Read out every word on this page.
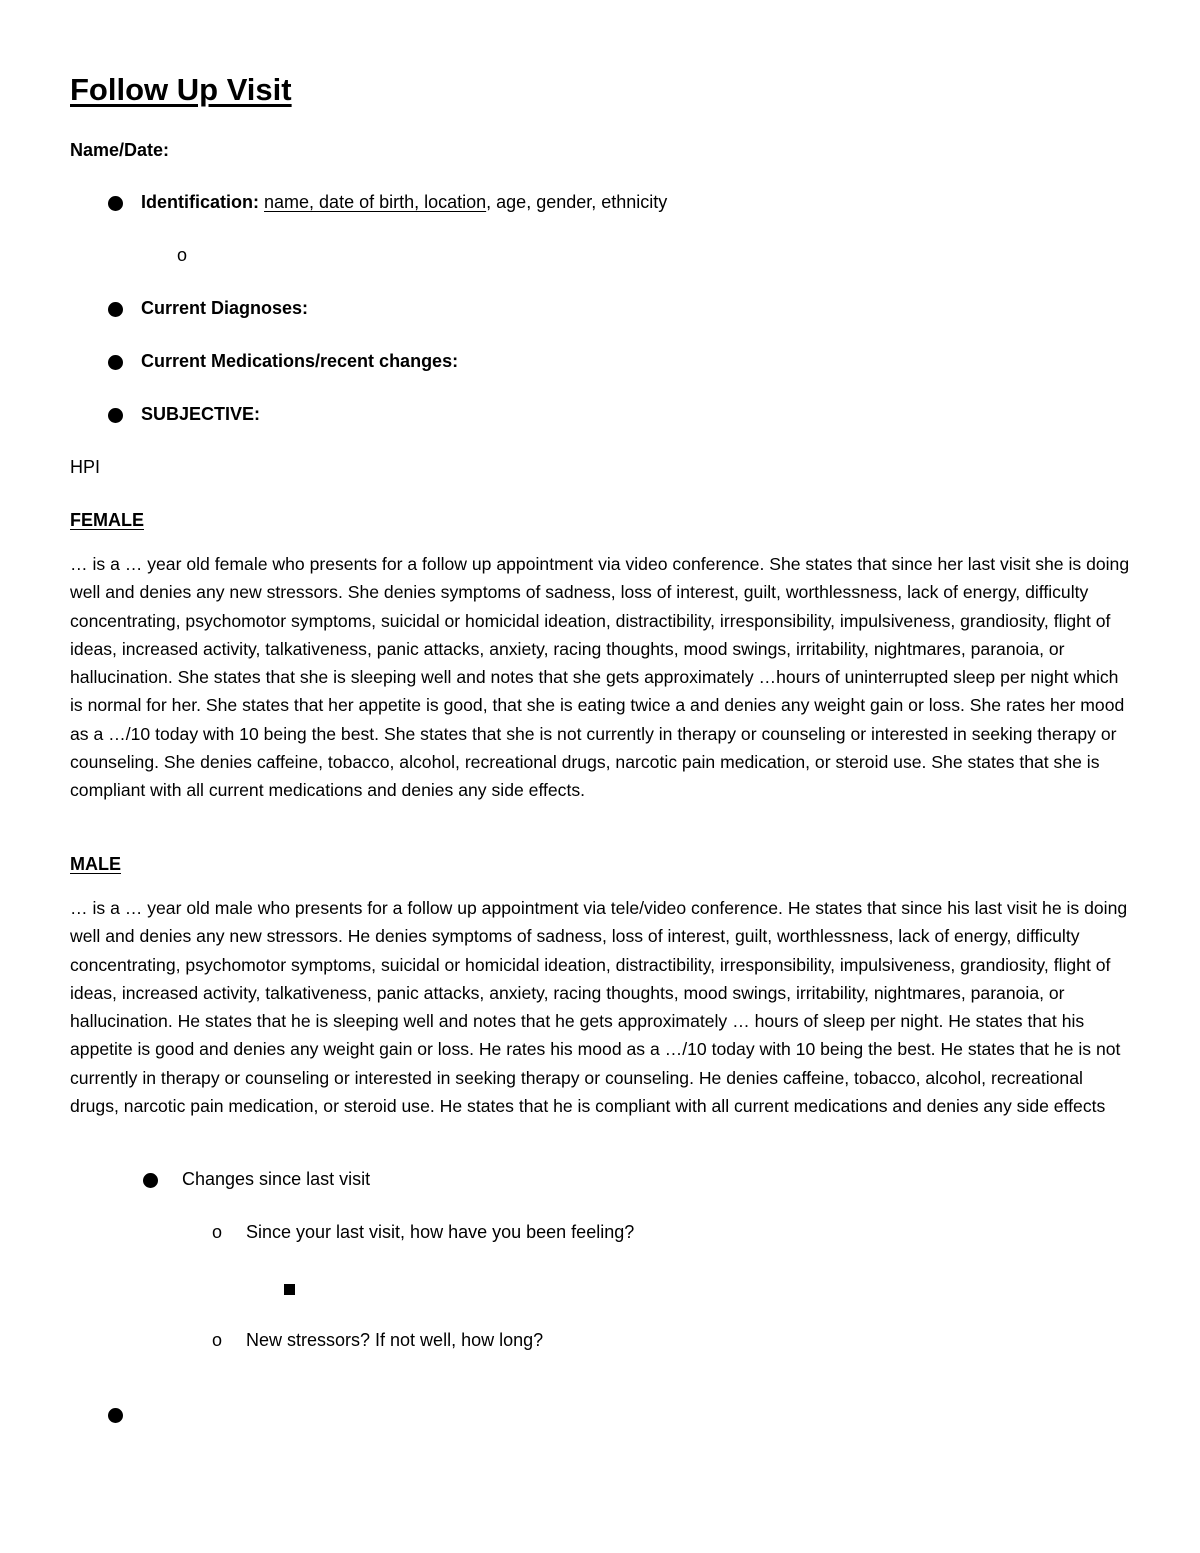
Follow Up Visit
Name/Date:
Identification: name, date of birth, location, age, gender, ethnicity
o
Current Diagnoses:
Current Medications/recent changes:
SUBJECTIVE:
HPI
FEMALE
… is a … year old female who presents for a follow up appointment via video conference. She states that since her last visit she is doing well and denies any new stressors. She denies symptoms of sadness, loss of interest, guilt, worthlessness, lack of energy, difficulty concentrating, psychomotor symptoms, suicidal or homicidal ideation, distractibility, irresponsibility, impulsiveness, grandiosity, flight of ideas, increased activity, talkativeness, panic attacks, anxiety, racing thoughts, mood swings, irritability, nightmares, paranoia, or hallucination. She states that she is sleeping well and notes that she gets approximately …hours of uninterrupted sleep per night which is normal for her. She states that her appetite is good, that she is eating twice a and denies any weight gain or loss. She rates her mood as a …/10 today with 10 being the best. She states that she is not currently in therapy or counseling or interested in seeking therapy or counseling. She denies caffeine, tobacco, alcohol, recreational drugs, narcotic pain medication, or steroid use. She states that she is compliant with all current medications and denies any side effects.
MALE
… is a … year old male who presents for a follow up appointment via tele/video conference. He states that since his last visit he is doing well and denies any new stressors. He denies symptoms of sadness, loss of interest, guilt, worthlessness, lack of energy, difficulty concentrating, psychomotor symptoms, suicidal or homicidal ideation, distractibility, irresponsibility, impulsiveness, grandiosity, flight of ideas, increased activity, talkativeness, panic attacks, anxiety, racing thoughts, mood swings, irritability, nightmares, paranoia, or hallucination. He states that he is sleeping well and notes that he gets approximately … hours of sleep per night. He states that his appetite is good and denies any weight gain or loss. He rates his mood as a …/10 today with 10 being the best. He states that he is not currently in therapy or counseling or interested in seeking therapy or counseling. He denies caffeine, tobacco, alcohol, recreational drugs, narcotic pain medication, or steroid use. He states that he is compliant with all current medications and denies any side effects
Changes since last visit
o Since your last visit, how have you been feeling?
o New stressors? If not well, how long?
